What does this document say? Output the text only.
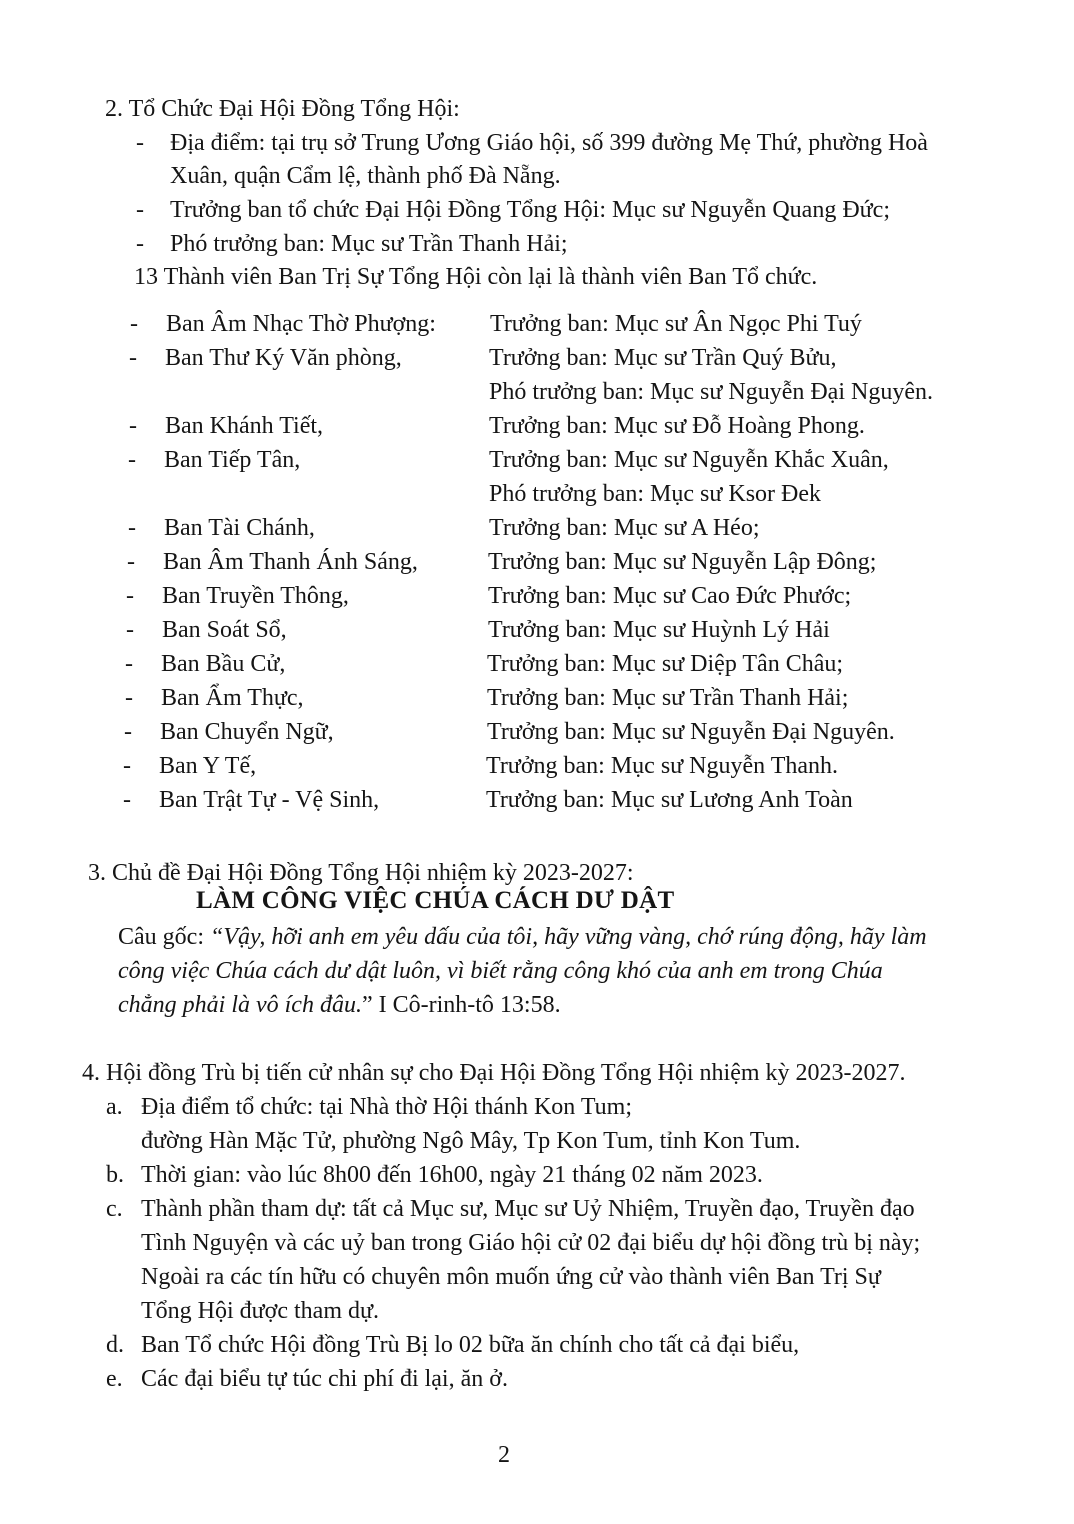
2. Tổ Chức Đại Hội Đồng Tổng Hội:
- Địa điểm: tại trụ sở Trung Ương Giáo hội, số 399 đường Mẹ Thứ, phường Hoà
Xuân, quận Cẩm lệ, thành phố Đà Nẵng.
- Trưởng ban tổ chức Đại Hội Đồng Tổng Hội: Mục sư Nguyễn Quang Đức;
- Phó trưởng ban: Mục sư Trần Thanh Hải;
13 Thành viên Ban Trị Sự Tổng Hội còn lại là thành viên Ban Tổ chức.
- Ban Âm Nhạc Thờ Phượng: Trưởng ban: Mục sư Ân Ngọc Phi Tuý
- Ban Thư Ký Văn phòng,	Trưởng ban: Mục sư Trần Quý Bửu,
Phó trưởng ban: Mục sư Nguyễn Đại Nguyên.
- Ban Khánh Tiết,	Trưởng ban: Mục sư Đỗ Hoàng Phong.
- Ban Tiếp Tân,	Trưởng ban: Mục sư Nguyễn Khắc Xuân,
Phó trưởng ban: Mục sư Ksor Đek
- Ban Tài Chánh,	Trưởng ban: Mục sư A Héo;
- Ban Âm Thanh Ánh Sáng,	Trưởng ban: Mục sư Nguyễn Lập Đông;
- Ban Truyền Thông,	Trưởng ban: Mục sư Cao Đức Phước;
- Ban Soát Sổ,	Trưởng ban: Mục sư Huỳnh Lý Hải
- Ban Bầu Cử,	Trưởng ban: Mục sư Diệp Tân Châu;
- Ban Ẩm Thực,	Trưởng ban: Mục sư Trần Thanh Hải;
- Ban Chuyển Ngữ,	Trưởng ban: Mục sư Nguyễn Đại Nguyên.
- Ban Y Tế,	Trưởng ban: Mục sư Nguyễn Thanh.
- Ban Trật Tự - Vệ Sinh,	Trưởng ban: Mục sư Lương Anh Toàn
3. Chủ đề Đại Hội Đồng Tổng Hội nhiệm kỳ 2023-2027:
LÀM CÔNG VIỆC CHÚA CÁCH DƯ DẬT
Câu gốc: “Vậy, hỡi anh em yêu dấu của tôi, hãy vững vàng, chớ rúng động, hãy làm
công việc Chúa cách dư dật luôn, vì biết rằng công khó của anh em trong Chúa
chẳng phải là vô ích đâu.” I Cô-rinh-tô 13:58.
4. Hội đồng Trù bị tiến cử nhân sự cho Đại Hội Đồng Tổng Hội nhiệm kỳ 2023-2027.
a. Địa điểm tổ chức: tại Nhà thờ Hội thánh Kon Tum;
đường Hàn Mặc Tử, phường Ngô Mây, Tp Kon Tum, tỉnh Kon Tum.
b. Thời gian: vào lúc 8h00 đến 16h00, ngày 21 tháng 02 năm 2023.
c. Thành phần tham dự: tất cả Mục sư, Mục sư Uỷ Nhiệm, Truyền đạo, Truyền đạo
Tình Nguyện và các uỷ ban trong Giáo hội cử 02 đại biểu dự hội đồng trù bị này;
Ngoài ra các tín hữu có chuyên môn muốn ứng cử vào thành viên Ban Trị Sự
Tổng Hội được tham dự.
d. Ban Tổ chức Hội đồng Trù Bị lo 02 bữa ăn chính cho tất cả đại biểu,
e. Các đại biểu tự túc chi phí đi lại, ăn ở.
2
